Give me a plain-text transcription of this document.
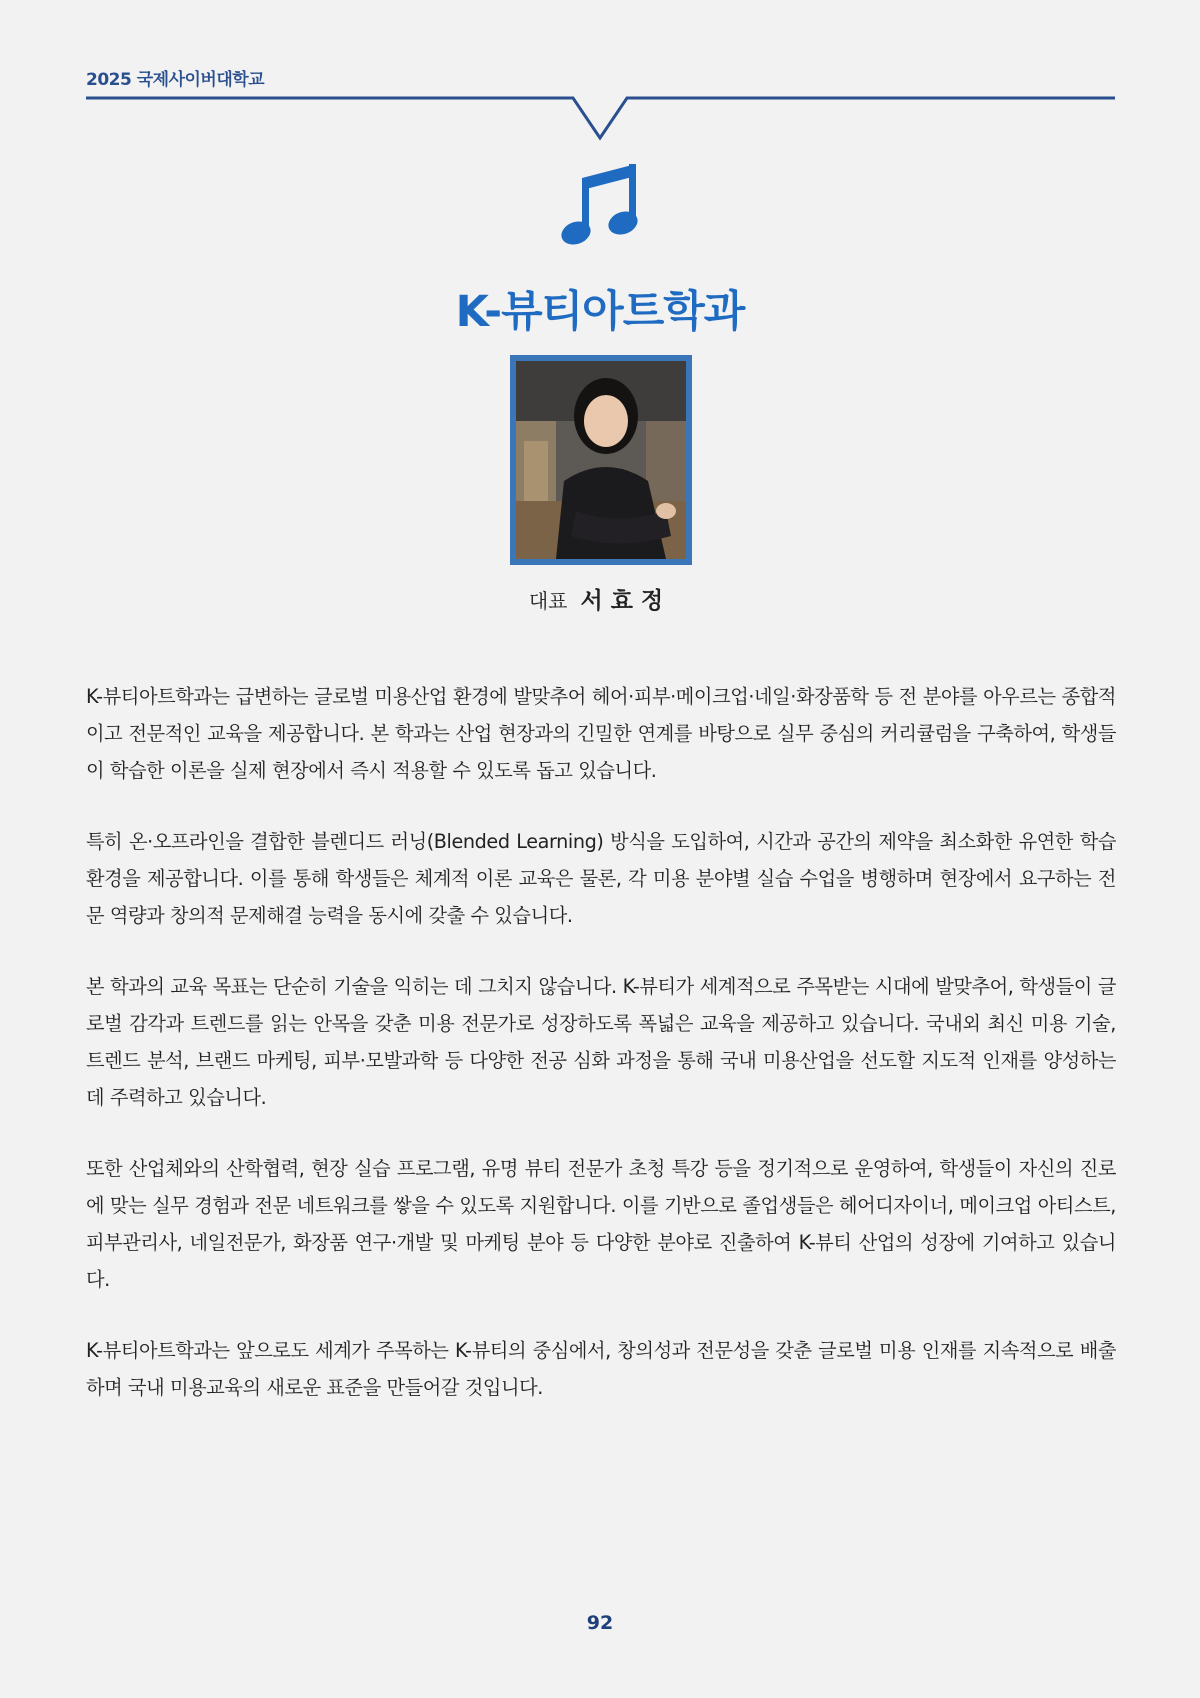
2025 국제사이버대학교
K-뷰티아트학과
대표 서효정

K-뷰티아트학과는 급변하는 글로벌 미용산업 환경에 발맞추어 헤어·피부·메이크업·네일·화장품학 등 전 분야를 아우르는 종합적이고 전문적인 교육을 제공합니다. 본 학과는 산업 현장과의 긴밀한 연계를 바탕으로 실무 중심의 커리큘럼을 구축하여, 학생들이 학습한 이론을 실제 현장에서 즉시 적용할 수 있도록 돕고 있습니다.

특히 온·오프라인을 결합한 블렌디드 러닝(Blended Learning) 방식을 도입하여, 시간과 공간의 제약을 최소화한 유연한 학습 환경을 제공합니다. 이를 통해 학생들은 체계적 이론 교육은 물론, 각 미용 분야별 실습 수업을 병행하며 현장에서 요구하는 전문 역량과 창의적 문제해결 능력을 동시에 갖출 수 있습니다.

본 학과의 교육 목표는 단순히 기술을 익히는 데 그치지 않습니다. K-뷰티가 세계적으로 주목받는 시대에 발맞추어, 학생들이 글로벌 감각과 트렌드를 읽는 안목을 갖춘 미용 전문가로 성장하도록 폭넓은 교육을 제공하고 있습니다. 국내외 최신 미용 기술, 트렌드 분석, 브랜드 마케팅, 피부·모발과학 등 다양한 전공 심화 과정을 통해 국내 미용산업을 선도할 지도적 인재를 양성하는 데 주력하고 있습니다.

또한 산업체와의 산학협력, 현장 실습 프로그램, 유명 뷰티 전문가 초청 특강 등을 정기적으로 운영하여, 학생들이 자신의 진로에 맞는 실무 경험과 전문 네트워크를 쌓을 수 있도록 지원합니다. 이를 기반으로 졸업생들은 헤어디자이너, 메이크업 아티스트, 피부관리사, 네일전문가, 화장품 연구·개발 및 마케팅 분야 등 다양한 분야로 진출하여 K-뷰티 산업의 성장에 기여하고 있습니다.

K-뷰티아트학과는 앞으로도 세계가 주목하는 K-뷰티의 중심에서, 창의성과 전문성을 갖춘 글로벌 미용 인재를 지속적으로 배출하며 국내 미용교육의 새로운 표준을 만들어갈 것입니다.

92
